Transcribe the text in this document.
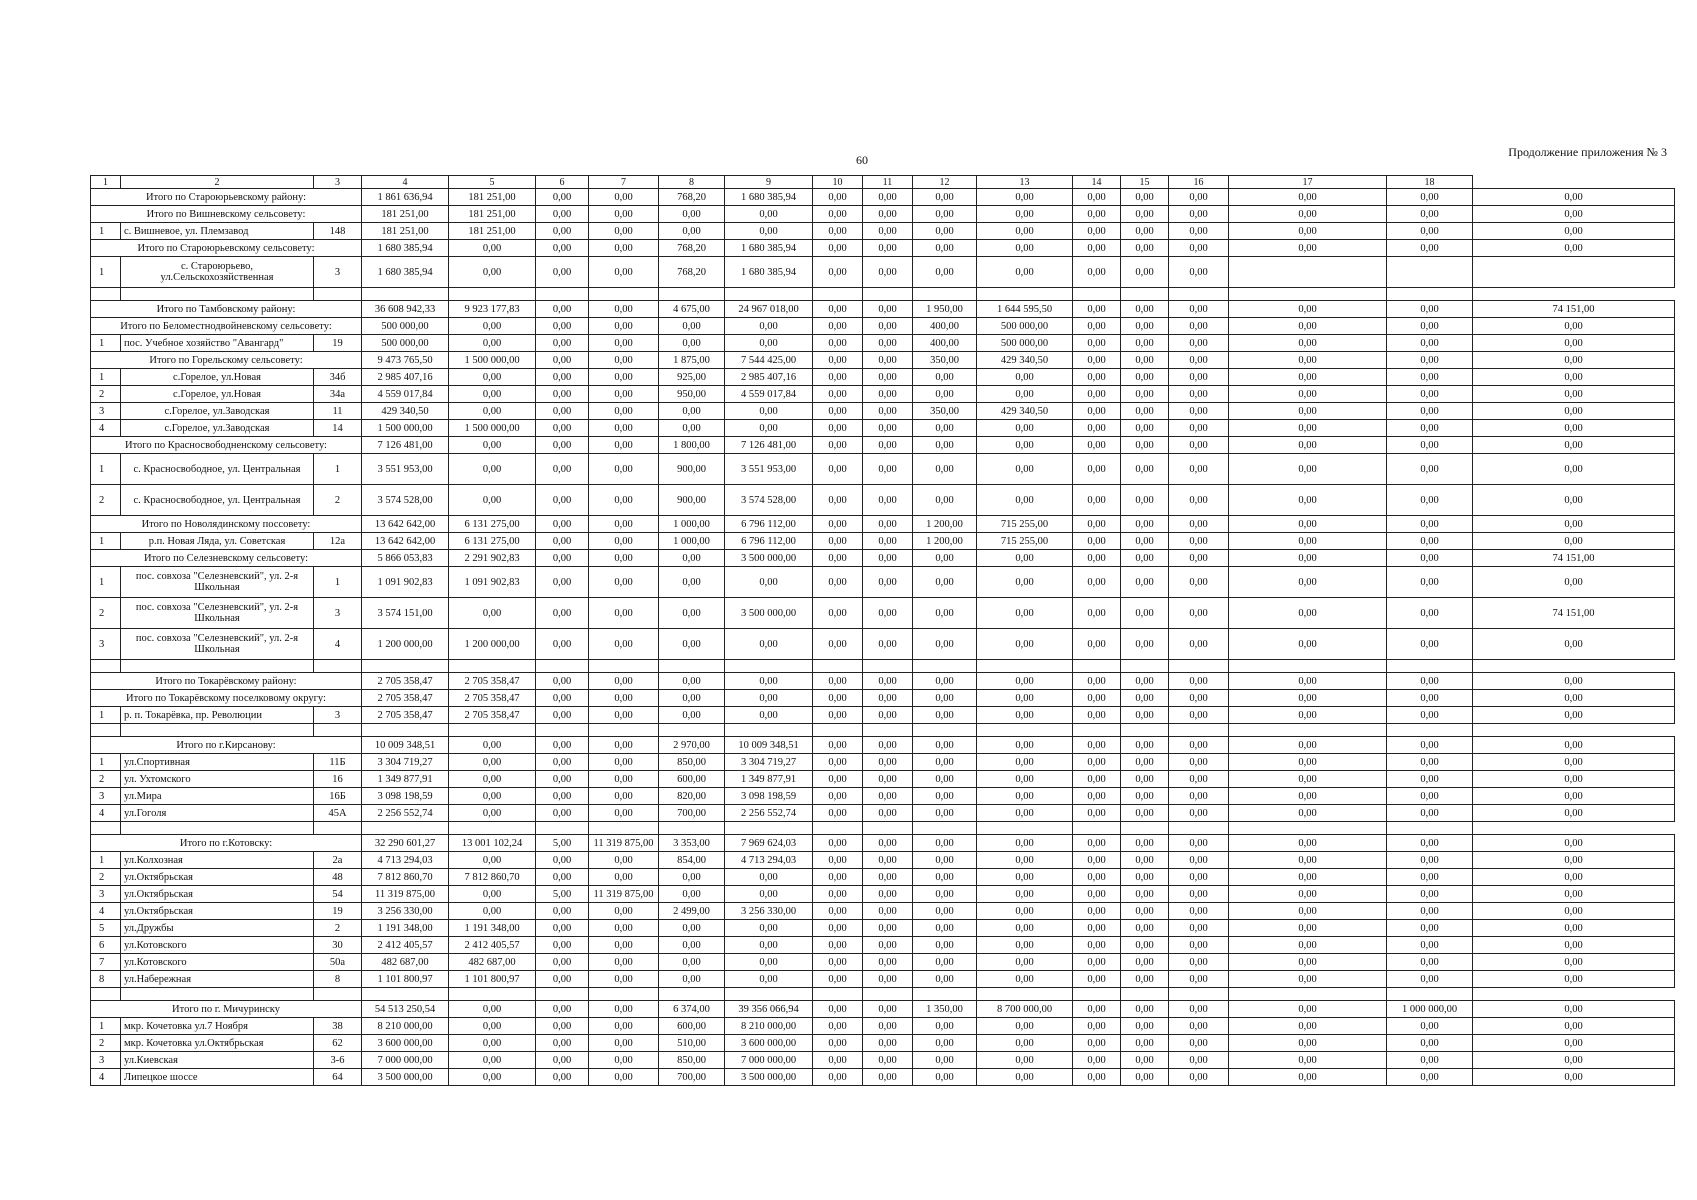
60
Продолжение приложения № 3
1	2	3	4	5	6	7	8	9	10	11	12	13	14	15	16	17	18	
Итого по Староюрьевскому району:			1 861 636,94	181 251,00	0,00	0,00	768,20	1 680 385,94	0,00	0,00	0,00	0,00	0,00	0,00	0,00	0,00	0,00	0,00
Итого по Вишневскому сельсовету:			181 251,00	181 251,00	0,00	0,00	0,00	0,00	0,00	0,00	0,00	0,00	0,00	0,00	0,00	0,00	0,00	0,00
1	с. Вишневое, ул. Племзавод	148	181 251,00	181 251,00	0,00	0,00	0,00	0,00	0,00	0,00	0,00	0,00	0,00	0,00	0,00	0,00	0,00	0,00
Итого по Староюрьевскому сельсовету:			1 680 385,94	0,00	0,00	0,00	768,20	1 680 385,94	0,00	0,00	0,00	0,00	0,00	0,00	0,00	0,00	0,00	0,00
1	с. Староюрьево, ул.Сельскохозяйственная	3	1 680 385,94	0,00	0,00	0,00	768,20	1 680 385,94	0,00	0,00	0,00	0,00	0,00	0,00	0,00			

Итого по Тамбовскому району:			36 608 942,33	9 923 177,83	0,00	0,00	4 675,00	24 967 018,00	0,00	0,00	1 950,00	1 644 595,50	0,00	0,00	0,00	0,00	0,00	74 151,00
Итого по Беломестнодвойневскому сельсовету:			500 000,00	0,00	0,00	0,00	0,00	0,00	0,00	0,00	400,00	500 000,00	0,00	0,00	0,00	0,00	0,00	0,00
1	пос. Учебное хозяйство "Авангард"	19	500 000,00	0,00	0,00	0,00	0,00	0,00	0,00	0,00	400,00	500 000,00	0,00	0,00	0,00	0,00	0,00	0,00
Итого по Горельскому сельсовету:			9 473 765,50	1 500 000,00	0,00	0,00	1 875,00	7 544 425,00	0,00	0,00	350,00	429 340,50	0,00	0,00	0,00	0,00	0,00	0,00
1	с.Горелое, ул.Новая	34б	2 985 407,16	0,00	0,00	0,00	925,00	2 985 407,16	0,00	0,00	0,00	0,00	0,00	0,00	0,00	0,00	0,00	0,00
2	с.Горелое, ул.Новая	34а	4 559 017,84	0,00	0,00	0,00	950,00	4 559 017,84	0,00	0,00	0,00	0,00	0,00	0,00	0,00	0,00	0,00	0,00
3	с.Горелое, ул.Заводская	11	429 340,50	0,00	0,00	0,00	0,00	0,00	0,00	0,00	350,00	429 340,50	0,00	0,00	0,00	0,00	0,00	0,00
4	с.Горелое, ул.Заводская	14	1 500 000,00	1 500 000,00	0,00	0,00	0,00	0,00	0,00	0,00	0,00	0,00	0,00	0,00	0,00	0,00	0,00	0,00
Итого по Красносвободненскому сельсовету:			7 126 481,00	0,00	0,00	0,00	1 800,00	7 126 481,00	0,00	0,00	0,00	0,00	0,00	0,00	0,00	0,00	0,00	0,00
1	с. Красносвободное, ул. Центральная	1	3 551 953,00	0,00	0,00	0,00	900,00	3 551 953,00	0,00	0,00	0,00	0,00	0,00	0,00	0,00	0,00	0,00	0,00
2	с. Красносвободное, ул. Центральная	2	3 574 528,00	0,00	0,00	0,00	900,00	3 574 528,00	0,00	0,00	0,00	0,00	0,00	0,00	0,00	0,00	0,00	0,00
Итого по Новолядинскому поссовету:			13 642 642,00	6 131 275,00	0,00	0,00	1 000,00	6 796 112,00	0,00	0,00	1 200,00	715 255,00	0,00	0,00	0,00	0,00	0,00	0,00
1	р.п. Новая Ляда, ул. Советская	12а	13 642 642,00	6 131 275,00	0,00	0,00	1 000,00	6 796 112,00	0,00	0,00	1 200,00	715 255,00	0,00	0,00	0,00	0,00	0,00	0,00
Итого по Селезневскому сельсовету:			5 866 053,83	2 291 902,83	0,00	0,00	0,00	3 500 000,00	0,00	0,00	0,00	0,00	0,00	0,00	0,00	0,00	0,00	74 151,00
1	пос. совхоза "Селезневский", ул. 2-я Школьная	1	1 091 902,83	1 091 902,83	0,00	0,00	0,00	0,00	0,00	0,00	0,00	0,00	0,00	0,00	0,00	0,00	0,00	0,00
2	пос. совхоза "Селезневский", ул. 2-я Школьная	3	3 574 151,00	0,00	0,00	0,00	0,00	3 500 000,00	0,00	0,00	0,00	0,00	0,00	0,00	0,00	0,00	0,00	74 151,00
3	пос. совхоза "Селезневский", ул. 2-я Школьная	4	1 200 000,00	1 200 000,00	0,00	0,00	0,00	0,00	0,00	0,00	0,00	0,00	0,00	0,00	0,00	0,00	0,00	0,00

Итого по Токарёвскому району:			2 705 358,47	2 705 358,47	0,00	0,00	0,00	0,00	0,00	0,00	0,00	0,00	0,00	0,00	0,00	0,00	0,00	0,00
Итого по Токарёвскому поселковому округу:			2 705 358,47	2 705 358,47	0,00	0,00	0,00	0,00	0,00	0,00	0,00	0,00	0,00	0,00	0,00	0,00	0,00	0,00
1	р. п. Токарёвка, пр. Революции	3	2 705 358,47	2 705 358,47	0,00	0,00	0,00	0,00	0,00	0,00	0,00	0,00	0,00	0,00	0,00	0,00	0,00	0,00

Итого по г.Кирсанову:			10 009 348,51	0,00	0,00	0,00	2 970,00	10 009 348,51	0,00	0,00	0,00	0,00	0,00	0,00	0,00	0,00	0,00	0,00
1	ул.Спортивная	11Б	3 304 719,27	0,00	0,00	0,00	850,00	3 304 719,27	0,00	0,00	0,00	0,00	0,00	0,00	0,00	0,00	0,00	0,00
2	ул. Ухтомского	16	1 349 877,91	0,00	0,00	0,00	600,00	1 349 877,91	0,00	0,00	0,00	0,00	0,00	0,00	0,00	0,00	0,00	0,00
3	ул.Мира	16Б	3 098 198,59	0,00	0,00	0,00	820,00	3 098 198,59	0,00	0,00	0,00	0,00	0,00	0,00	0,00	0,00	0,00	0,00
4	ул.Гоголя	45А	2 256 552,74	0,00	0,00	0,00	700,00	2 256 552,74	0,00	0,00	0,00	0,00	0,00	0,00	0,00	0,00	0,00	0,00

Итого по г.Котовску:			32 290 601,27	13 001 102,24	5,00	11 319 875,00	3 353,00	7 969 624,03	0,00	0,00	0,00	0,00	0,00	0,00	0,00	0,00	0,00	0,00
1	ул.Колхозная	2а	4 713 294,03	0,00	0,00	0,00	854,00	4 713 294,03	0,00	0,00	0,00	0,00	0,00	0,00	0,00	0,00	0,00	0,00
2	ул.Октябрьская	48	7 812 860,70	7 812 860,70	0,00	0,00	0,00	0,00	0,00	0,00	0,00	0,00	0,00	0,00	0,00	0,00	0,00	0,00
3	ул.Октябрьская	54	11 319 875,00	0,00	5,00	11 319 875,00	0,00	0,00	0,00	0,00	0,00	0,00	0,00	0,00	0,00	0,00	0,00	0,00
4	ул.Октябрьская	19	3 256 330,00	0,00	0,00	0,00	2 499,00	3 256 330,00	0,00	0,00	0,00	0,00	0,00	0,00	0,00	0,00	0,00	0,00
5	ул.Дружбы	2	1 191 348,00	1 191 348,00	0,00	0,00	0,00	0,00	0,00	0,00	0,00	0,00	0,00	0,00	0,00	0,00	0,00	0,00
6	ул.Котовского	30	2 412 405,57	2 412 405,57	0,00	0,00	0,00	0,00	0,00	0,00	0,00	0,00	0,00	0,00	0,00	0,00	0,00	0,00
7	ул.Котовского	50а	482 687,00	482 687,00	0,00	0,00	0,00	0,00	0,00	0,00	0,00	0,00	0,00	0,00	0,00	0,00	0,00	0,00
8	ул.Набережная	8	1 101 800,97	1 101 800,97	0,00	0,00	0,00	0,00	0,00	0,00	0,00	0,00	0,00	0,00	0,00	0,00	0,00	0,00

Итого по г. Мичуринску			54 513 250,54	0,00	0,00	0,00	6 374,00	39 356 066,94	0,00	0,00	1 350,00	8 700 000,00	0,00	0,00	0,00	0,00	1 000 000,00	0,00
1	мкр. Кочетовка ул.7 Ноября	38	8 210 000,00	0,00	0,00	0,00	600,00	8 210 000,00	0,00	0,00	0,00	0,00	0,00	0,00	0,00	0,00	0,00	0,00
2	мкр. Кочетовка ул.Октябрьская	62	3 600 000,00	0,00	0,00	0,00	510,00	3 600 000,00	0,00	0,00	0,00	0,00	0,00	0,00	0,00	0,00	0,00	0,00
3	ул.Киевская	3-6	7 000 000,00	0,00	0,00	0,00	850,00	7 000 000,00	0,00	0,00	0,00	0,00	0,00	0,00	0,00	0,00	0,00	0,00
4	Липецкое шоссе	64	3 500 000,00	0,00	0,00	0,00	700,00	3 500 000,00	0,00	0,00	0,00	0,00	0,00	0,00	0,00	0,00	0,00	0,00
